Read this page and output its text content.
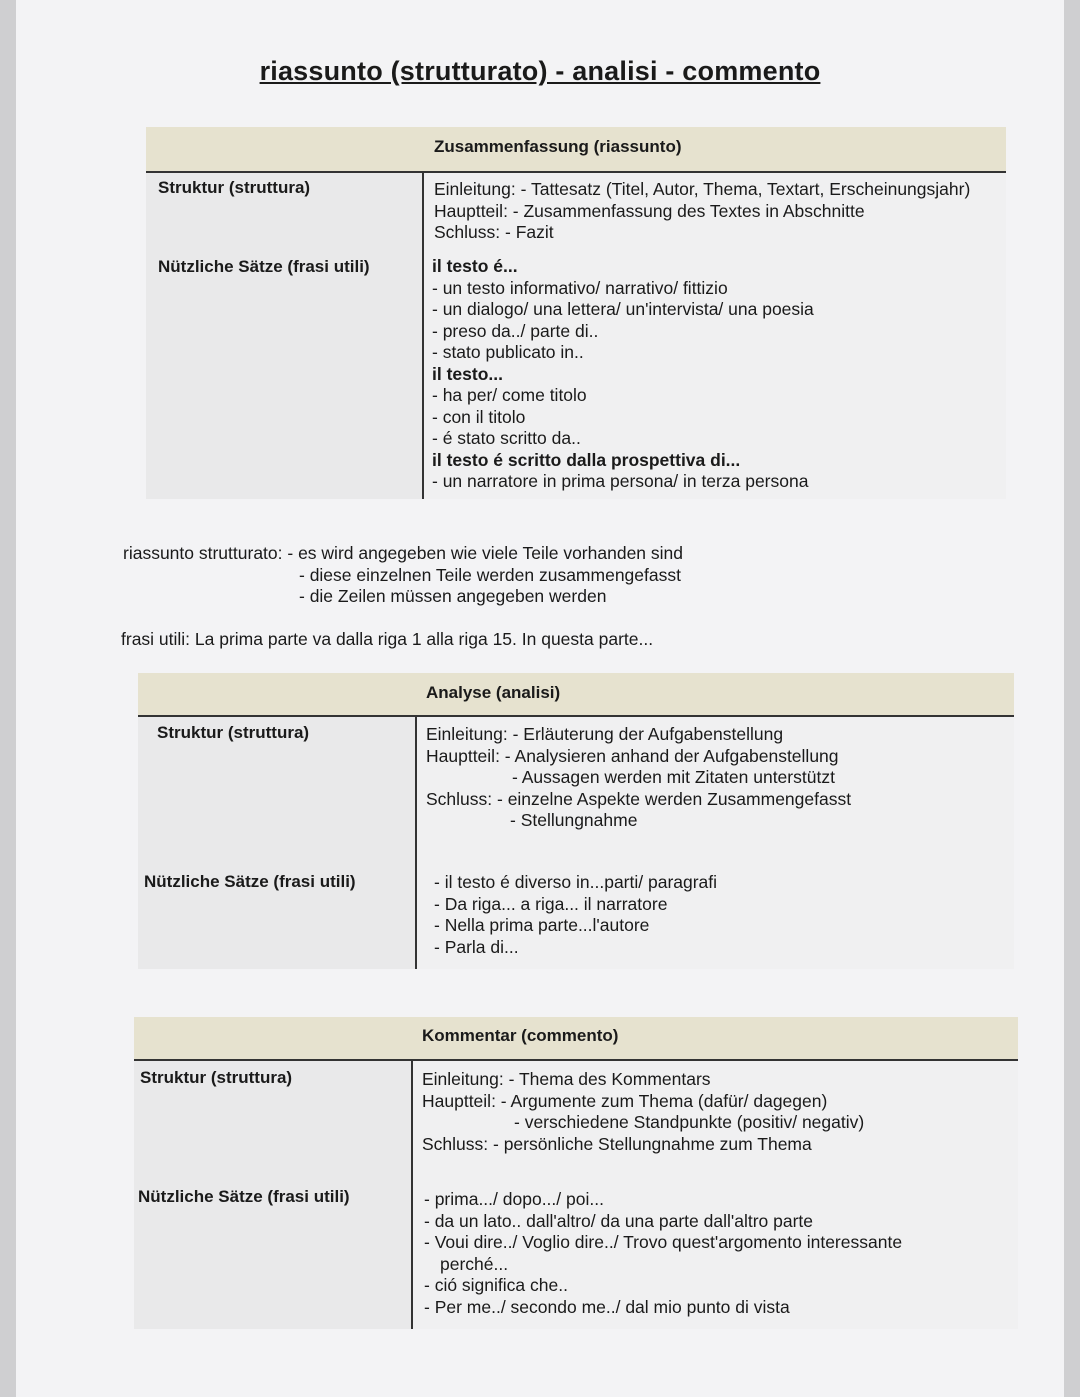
riassunto (strutturato) - analisi - commento
Zusammenfassung (riassunto)
Struktur (struttura)
Nützliche Sätze (frasi utili)
Einleitung: - Tattesatz (Titel, Autor, Thema, Textart, Erscheinungsjahr)
Hauptteil: - Zusammenfassung des Textes in Abschnitte
Schluss: - Fazit
il testo é...
- un testo informativo/ narrativo/ fittizio
- un dialogo/ una lettera/ un'intervista/ una poesia
- preso da../ parte di..
- stato publicato in..
il testo...
- ha per/ come titolo
- con il titolo
- é stato scritto da..
il testo é scritto dalla prospettiva di...
- un narratore in prima persona/ in terza persona
riassunto strutturato: - es wird angegeben wie viele Teile vorhanden sind
- diese einzelnen Teile werden zusammengefasst
- die Zeilen müssen angegeben werden
frasi utili: La prima parte va dalla riga 1 alla riga 15. In questa parte...
Analyse (analisi)
Struktur (struttura)
Nützliche Sätze (frasi utili)
Einleitung: - Erläuterung der Aufgabenstellung
Hauptteil: - Analysieren anhand der Aufgabenstellung
- Aussagen werden mit Zitaten unterstützt
Schluss: - einzelne Aspekte werden Zusammengefasst
- Stellungnahme
- il testo é diverso in...parti/ paragrafi
- Da riga... a riga... il narratore
- Nella prima parte...l'autore
- Parla di...
Kommentar (commento)
Struktur (struttura)
Nützliche Sätze (frasi utili)
Einleitung: - Thema des Kommentars
Hauptteil: - Argumente zum Thema (dafür/ dagegen)
- verschiedene Standpunkte (positiv/ negativ)
Schluss: - persönliche Stellungnahme zum Thema
- prima.../ dopo.../ poi...
- da un lato.. dall'altro/ da una parte dall'altro parte
- Voui dire../ Voglio dire../ Trovo quest'argomento interessante
perché...
- ció significa che..
- Per me../ secondo me../ dal mio punto di vista
